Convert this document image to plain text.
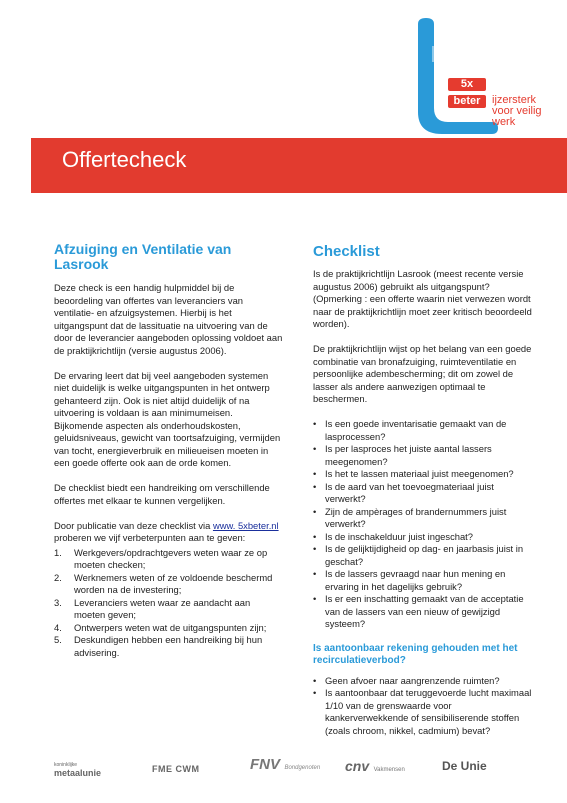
5x
beter	ijzersterk
voor veilig
werk
Offertecheck
Afzuiging en Ventilatie van Lasrook

Deze check is een handig hulpmiddel bij de beoordeling van offertes van leveranciers van ventilatie- en afzuigsystemen. Hierbij is het uitgangspunt dat de lassituatie na uitvoering van de door de leverancier aangeboden oplossing voldoet aan de praktijkrichtlijn (versie augustus 2006).

De ervaring leert dat bij veel aangeboden systemen niet duidelijk is welke uitgangspunten in het ontwerp gehanteerd zijn. Ook is niet altijd duidelijk of na uitvoering is voldaan is aan minimumeisen. Bijkomende aspecten als onderhoudskosten, geluidsniveaus, gewicht van toortsafzuiging, vermijden van tocht, energieverbruik en milieueisen moeten in een goede offerte ook aan de orde komen.

De checklist biedt een handreiking om verschillende offertes met elkaar te kunnen vergelijken.

Door publicatie van deze checklist via www. 5xbeter.nl proberen we vijf verbeterpunten aan te geven:

1. Werkgevers/opdrachtgevers weten waar ze op moeten checken;
2. Werknemers weten of ze voldoende beschermd worden na de investering;
3. Leveranciers weten waar ze aandacht aan moeten geven;
4. Ontwerpers weten wat de uitgangspunten zijn;
5. Deskundigen hebben een handreiking bij hun advisering.
Checklist

Is de praktijkrichtlijn Lasrook (meest recente versie augustus 2006) gebruikt als uitgangspunt? (Opmerking : een offerte waarin niet verwezen wordt naar de praktijkrichtlijn moet zeer kritisch beoordeeld worden).

De praktijkrichtlijn wijst op het belang van een goede combinatie van bronafzuiging, ruimteventilatie en persoonlijke adembescherming; dit om zowel de lasser als andere aanwezigen optimaal te beschermen.

• Is een goede inventarisatie gemaakt van de lasprocessen?
• Is per lasproces het juiste aantal lassers meegenomen?
• Is het te lassen materiaal juist meegenomen?
• Is de aard van het toevoegmateriaal juist verwerkt?
• Zijn de ampèrages of brandernummers juist verwerkt?
• Is de inschakelduur juist ingeschat?
• Is de gelijktijdigheid op dag- en jaarbasis juist in geschat?
• Is de lassers gevraagd naar hun mening en ervaring in het dagelijks gebruik?
• Is er een inschatting gemaakt van de acceptatie van de lassers van een nieuw of gewijzigd systeem?
Is aantoonbaar rekening gehouden met het recirculatieverbod?
• Geen afvoer naar aangrenzende ruimten?
• Is aantoonbaar dat teruggevoerde lucht maximaal 1/10 van de grenswaarde voor kankerverwekkende of sensibiliserende stoffen (zoals chroom, nikkel, cadmium) bevat?
koninklijke
metaalunie	FME CWM	FNV Bondgenoten cnv Vakmensen	De Unie
